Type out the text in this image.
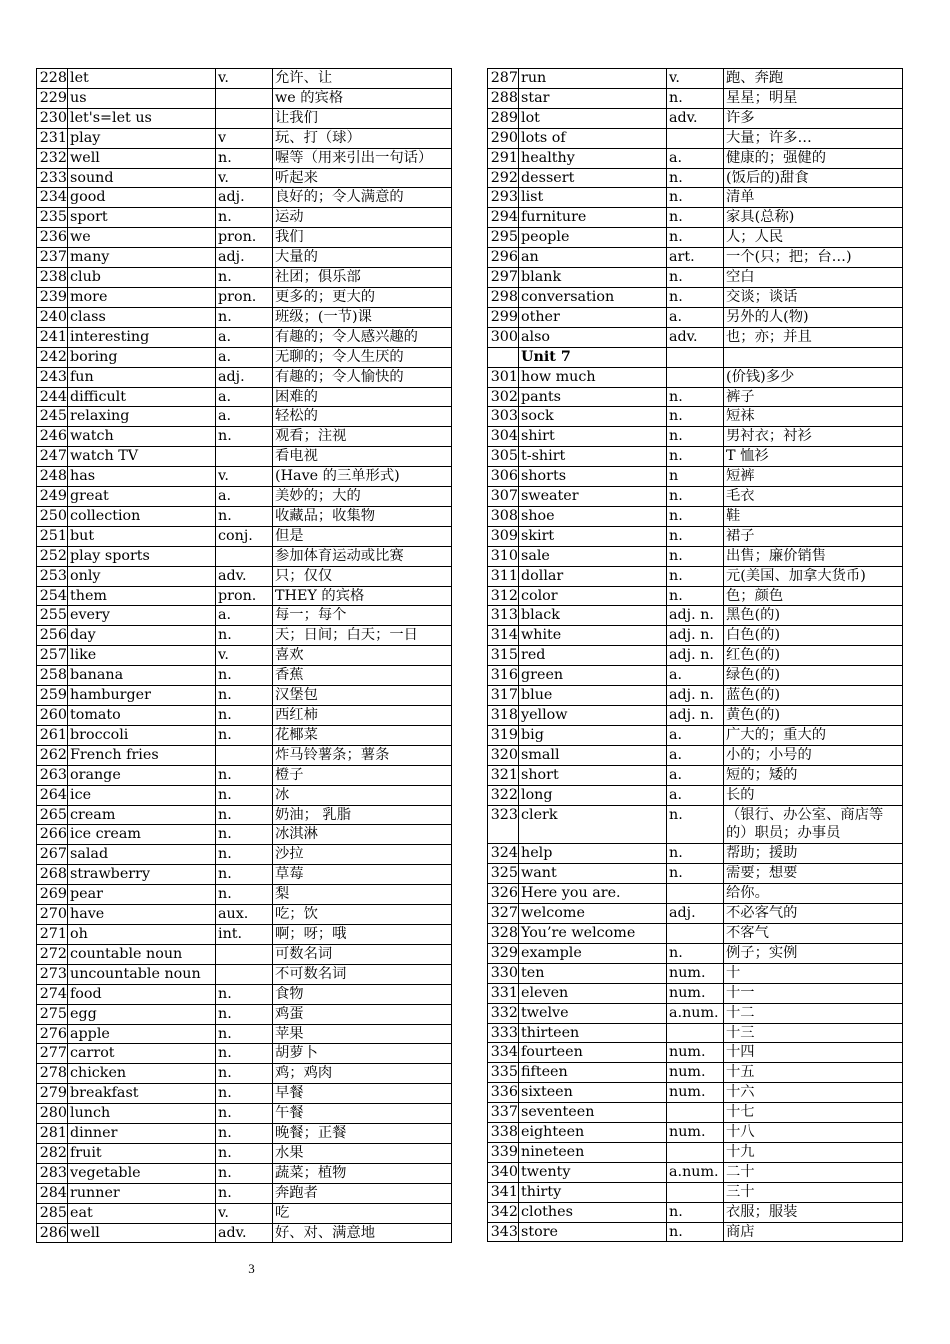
228	let	v.	允许、让
229	us		we 的宾格
230	let's=let us		让我们
231	play	v	玩、打（球）
232	well	n.	喔等（用来引出一句话）
233	sound	v.	听起来
234	good	adj.	良好的；令人满意的
235	sport	n.	运动
236	we	pron.	我们
237	many	adj.	大量的
238	club	n.	社团；俱乐部
239	more	pron.	更多的；更大的
240	class	n.	班级；(一节)课
241	interesting	a.	有趣的；令人感兴趣的
242	boring	a.	无聊的；令人生厌的
243	fun	adj.	有趣的；令人愉快的
244	difficult	a.	困难的
245	relaxing	a.	轻松的
246	watch	n.	观看；注视
247	watch TV		看电视
248	has	v.	(Have 的三单形式)
249	great	a.	美妙的；大的
250	collection	n.	收藏品；收集物
251	but	conj.	但是
252	play sports		参加体育运动或比赛
253	only	adv.	只；仅仅
254	them	pron.	THEY 的宾格
255	every	a.	每一；每个
256	day	n.	天；日间；白天；一日
257	like	v.	喜欢
258	banana	n.	香蕉
259	hamburger	n.	汉堡包
260	tomato	n.	西红柿
261	broccoli	n.	花椰菜
262	French fries		炸马铃薯条；薯条
263	orange	n.	橙子
264	ice	n.	冰
265	cream	n.	奶油； 乳脂
266	ice cream	n.	冰淇淋
267	salad	n.	沙拉
268	strawberry	n.	草莓
269	pear	n.	梨
270	have	aux.	吃；饮
271	oh	int.	啊；呀；哦
272	countable noun		可数名词
273	uncountable noun		不可数名词
274	food	n.	食物
275	egg	n.	鸡蛋
276	apple	n.	苹果
277	carrot	n.	胡萝卜
278	chicken	n.	鸡；鸡肉
279	breakfast	n.	早餐
280	lunch	n.	午餐
281	dinner	n.	晚餐；正餐
282	fruit	n.	水果
283	vegetable	n.	蔬菜；植物
284	runner	n.	奔跑者
285	eat	v.	吃
286	well	adv.	好、对、满意地
287	run	v.	跑、奔跑
288	star	n.	星星；明星
289	lot	adv.	许多
290	lots of		大量；许多…
291	healthy	a.	健康的；强健的
292	dessert	n.	(饭后的)甜食
293	list	n.	清单
294	furniture	n.	家具(总称)
295	people	n.	人；人民
296	an	art.	一个(只；把；台…)
297	blank	n.	空白
298	conversation	n.	交谈；谈话
299	other	a.	另外的人(物)
300	also	adv.	也；亦；并且
	Unit 7		
301	how much		(价钱)多少
302	pants	n.	裤子
303	sock	n.	短袜
304	shirt	n.	男衬衣；衬衫
305	t-shirt	n.	T 恤衫
306	shorts	n	短裤
307	sweater	n.	毛衣
308	shoe	n.	鞋
309	skirt	n.	裙子
310	sale	n.	出售；廉价销售
311	dollar	n.	元(美国、加拿大货币)
312	color	n.	色；颜色
313	black	adj. n.	黑色(的)
314	white	adj. n.	白色(的)
315	red	adj. n.	红色(的)
316	green	a.	绿色(的)
317	blue	adj. n.	蓝色(的)
318	yellow	adj. n.	黄色(的)
319	big	a.	广大的；重大的
320	small	a.	小的；小号的
321	short	a.	短的；矮的
322	long	a.	长的
323	clerk	n.	（银行、办公室、商店等的）职员；办事员
324	help	n.	帮助；援助
325	want	n.	需要；想要
326	Here you are.		给你。
327	welcome	adj.	不必客气的
328	You’re welcome		不客气
329	example	n.	例子；实例
330	ten	num.	十
331	eleven	num.	十一
332	twelve	a.num.	十二
333	thirteen		十三
334	fourteen	num.	十四
335	fifteen	num.	十五
336	sixteen	num.	十六
337	seventeen		十七
338	eighteen	num.	十八
339	nineteen		十九
340	twenty	a.num.	二十
341	thirty		三十
342	clothes	n.	衣服；服装
343	store	n.	商店
3
